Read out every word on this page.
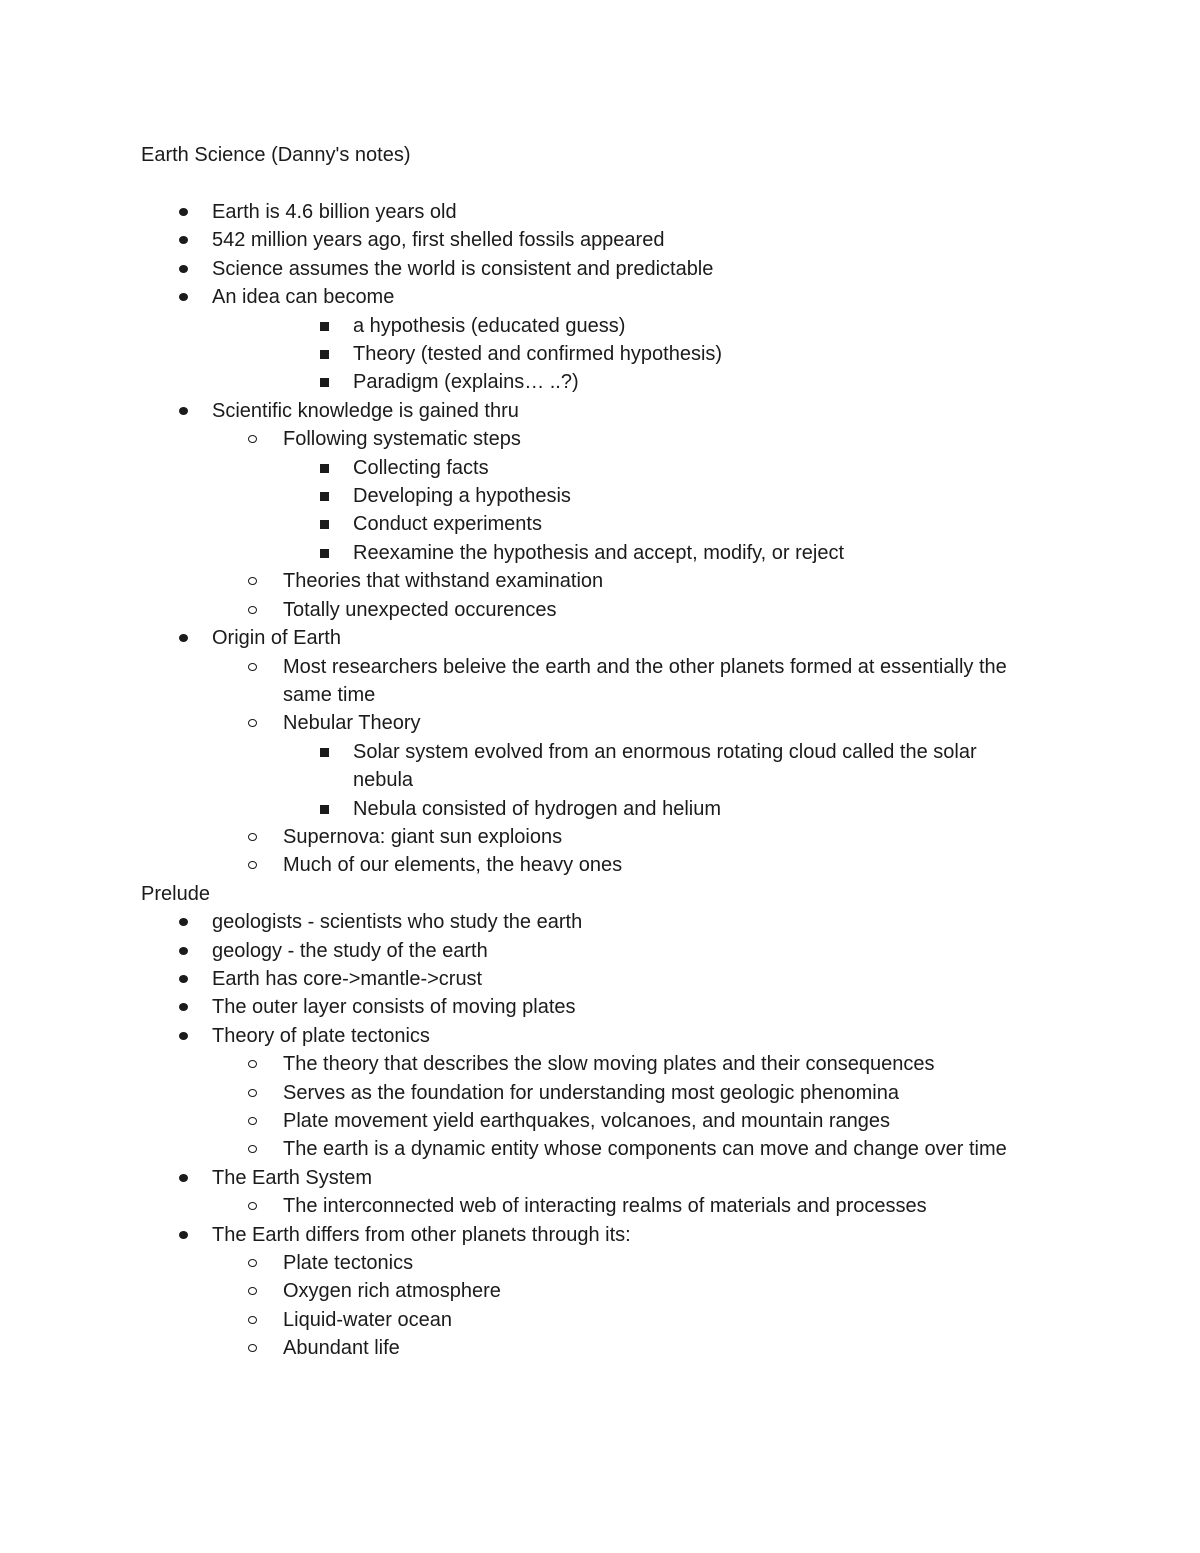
Earth Science (Danny's notes)
Earth is 4.6 billion years old
542 million years ago, first shelled fossils appeared
Science assumes the world is consistent and predictable
An idea can become
a hypothesis (educated guess)
Theory (tested and confirmed hypothesis)
Paradigm (explains… ..?)
Scientific knowledge is gained thru
Following systematic steps
Collecting facts
Developing a hypothesis
Conduct experiments
Reexamine the hypothesis and accept, modify, or reject
Theories that withstand examination
Totally unexpected occurences
Origin of Earth
Most researchers beleive the earth and the other planets formed at essentially the same time
Nebular Theory
Solar system evolved from an enormous rotating cloud called the solar nebula
Nebula consisted of hydrogen and helium
Supernova: giant sun exploions
Much of our elements, the heavy ones
Prelude
geologists - scientists who study the earth
geology - the study of the earth
Earth has core->mantle->crust
The outer layer consists of moving plates
Theory of plate tectonics
The theory that describes the slow moving plates and their consequences
Serves as the foundation for understanding most geologic phenomina
Plate movement yield earthquakes, volcanoes, and mountain ranges
The earth is a dynamic entity whose components can move and change over time
The Earth System
The interconnected web of interacting realms of materials and processes
The Earth differs from other planets through its:
Plate tectonics
Oxygen rich atmosphere
Liquid-water ocean
Abundant life
